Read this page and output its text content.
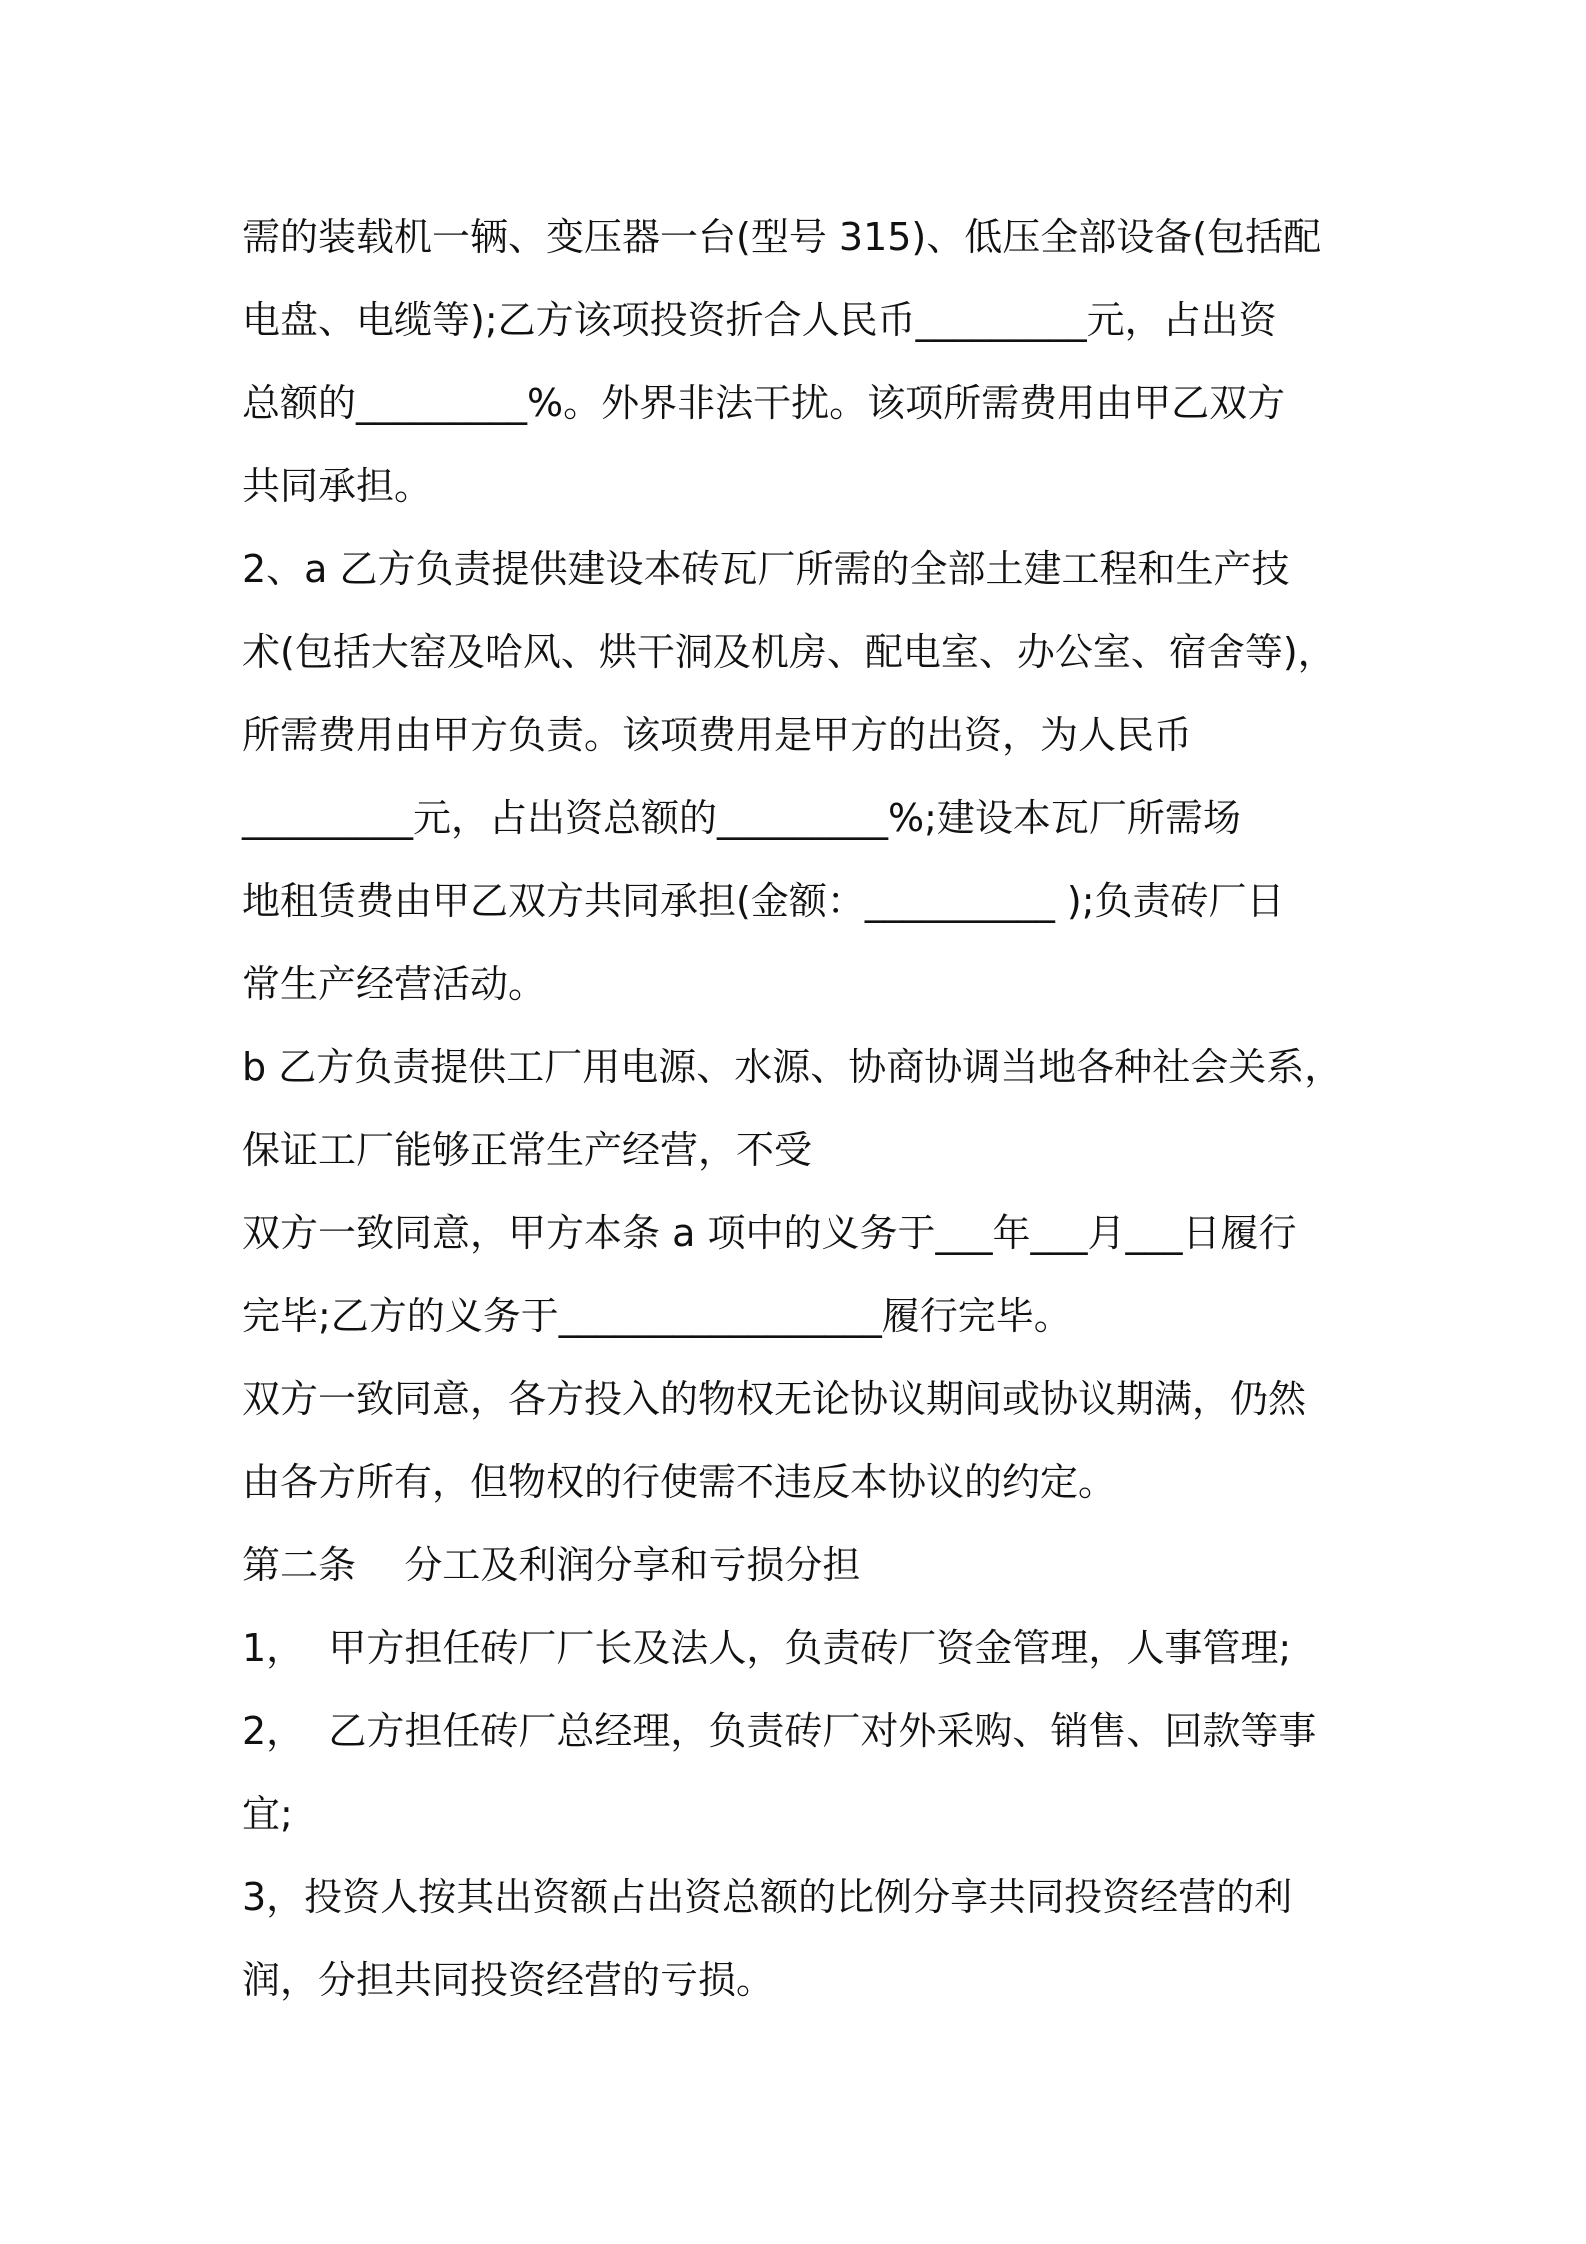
需的装载机一辆、变压器一台(型号 315)、低压全部设备(包括配
电盘、电缆等);乙方该项投资折合人民币_________元，占出资
总额的_________%。外界非法干扰。该项所需费用由甲乙双方
共同承担。
2、a 乙方负责提供建设本砖瓦厂所需的全部土建工程和生产技
术(包括大窑及哈风、烘干洞及机房、配电室、办公室、宿舍等)，
所需费用由甲方负责。该项费用是甲方的出资，为人民币
_________元，占出资总额的_________%;建设本瓦厂所需场
地租赁费由甲乙双方共同承担(金额：__________ );负责砖厂日
常生产经营活动。
b 乙方负责提供工厂用电源、水源、协商协调当地各种社会关系，
保证工厂能够正常生产经营，不受
双方一致同意，甲方本条 a 项中的义务于___年___月___日履行
完毕;乙方的义务于_________________履行完毕。
双方一致同意，各方投入的物权无论协议期间或协议期满，仍然
由各方所有，但物权的行使需不违反本协议的约定。
第二条    分工及利润分享和亏损分担
1，  甲方担任砖厂厂长及法人，负责砖厂资金管理，人事管理;
2，  乙方担任砖厂总经理，负责砖厂对外采购、销售、回款等事
宜;
3，投资人按其出资额占出资总额的比例分享共同投资经营的利
润，分担共同投资经营的亏损。
